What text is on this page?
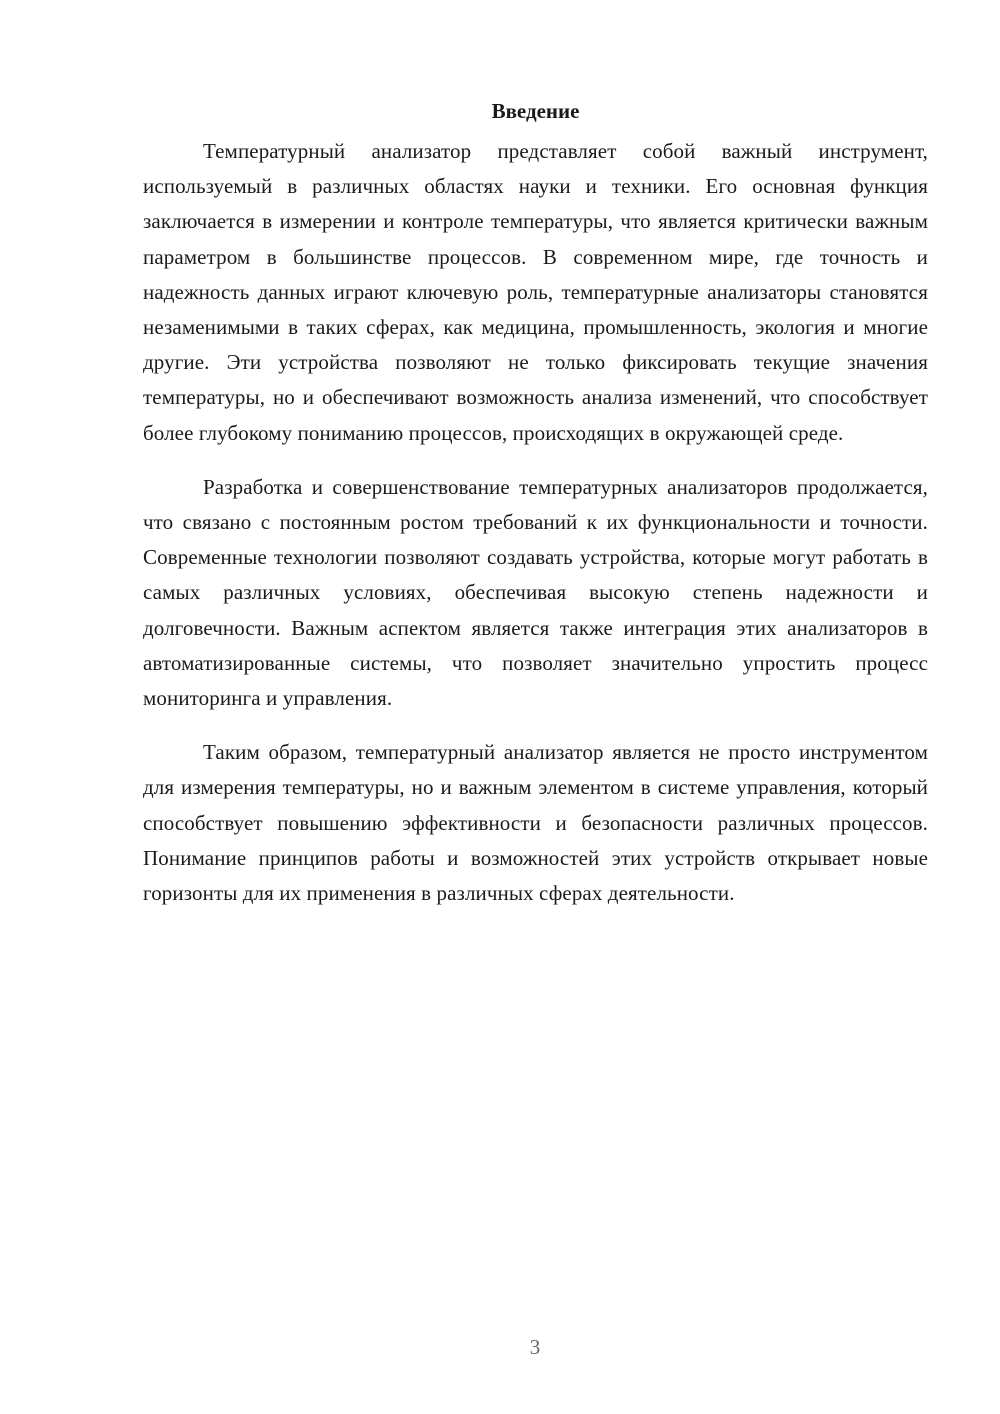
Введение

Температурный анализатор представляет собой важный инструмент, используемый в различных областях науки и техники. Его основная функция заключается в измерении и контроле температуры, что является критически важным параметром в большинстве процессов. В современном мире, где точность и надежность данных играют ключевую роль, температурные анализаторы становятся незаменимыми в таких сферах, как медицина, промышленность, экология и многие другие. Эти устройства позволяют не только фиксировать текущие значения температуры, но и обеспечивают возможность анализа изменений, что способствует более глубокому пониманию процессов, происходящих в окружающей среде.

Разработка и совершенствование температурных анализаторов продолжается, что связано с постоянным ростом требований к их функциональности и точности. Современные технологии позволяют создавать устройства, которые могут работать в самых различных условиях, обеспечивая высокую степень надежности и долговечности. Важным аспектом является также интеграция этих анализаторов в автоматизированные системы, что позволяет значительно упростить процесс мониторинга и управления.

Таким образом, температурный анализатор является не просто инструментом для измерения температуры, но и важным элементом в системе управления, который способствует повышению эффективности и безопасности различных процессов. Понимание принципов работы и возможностей этих устройств открывает новые горизонты для их применения в различных сферах деятельности.

3
